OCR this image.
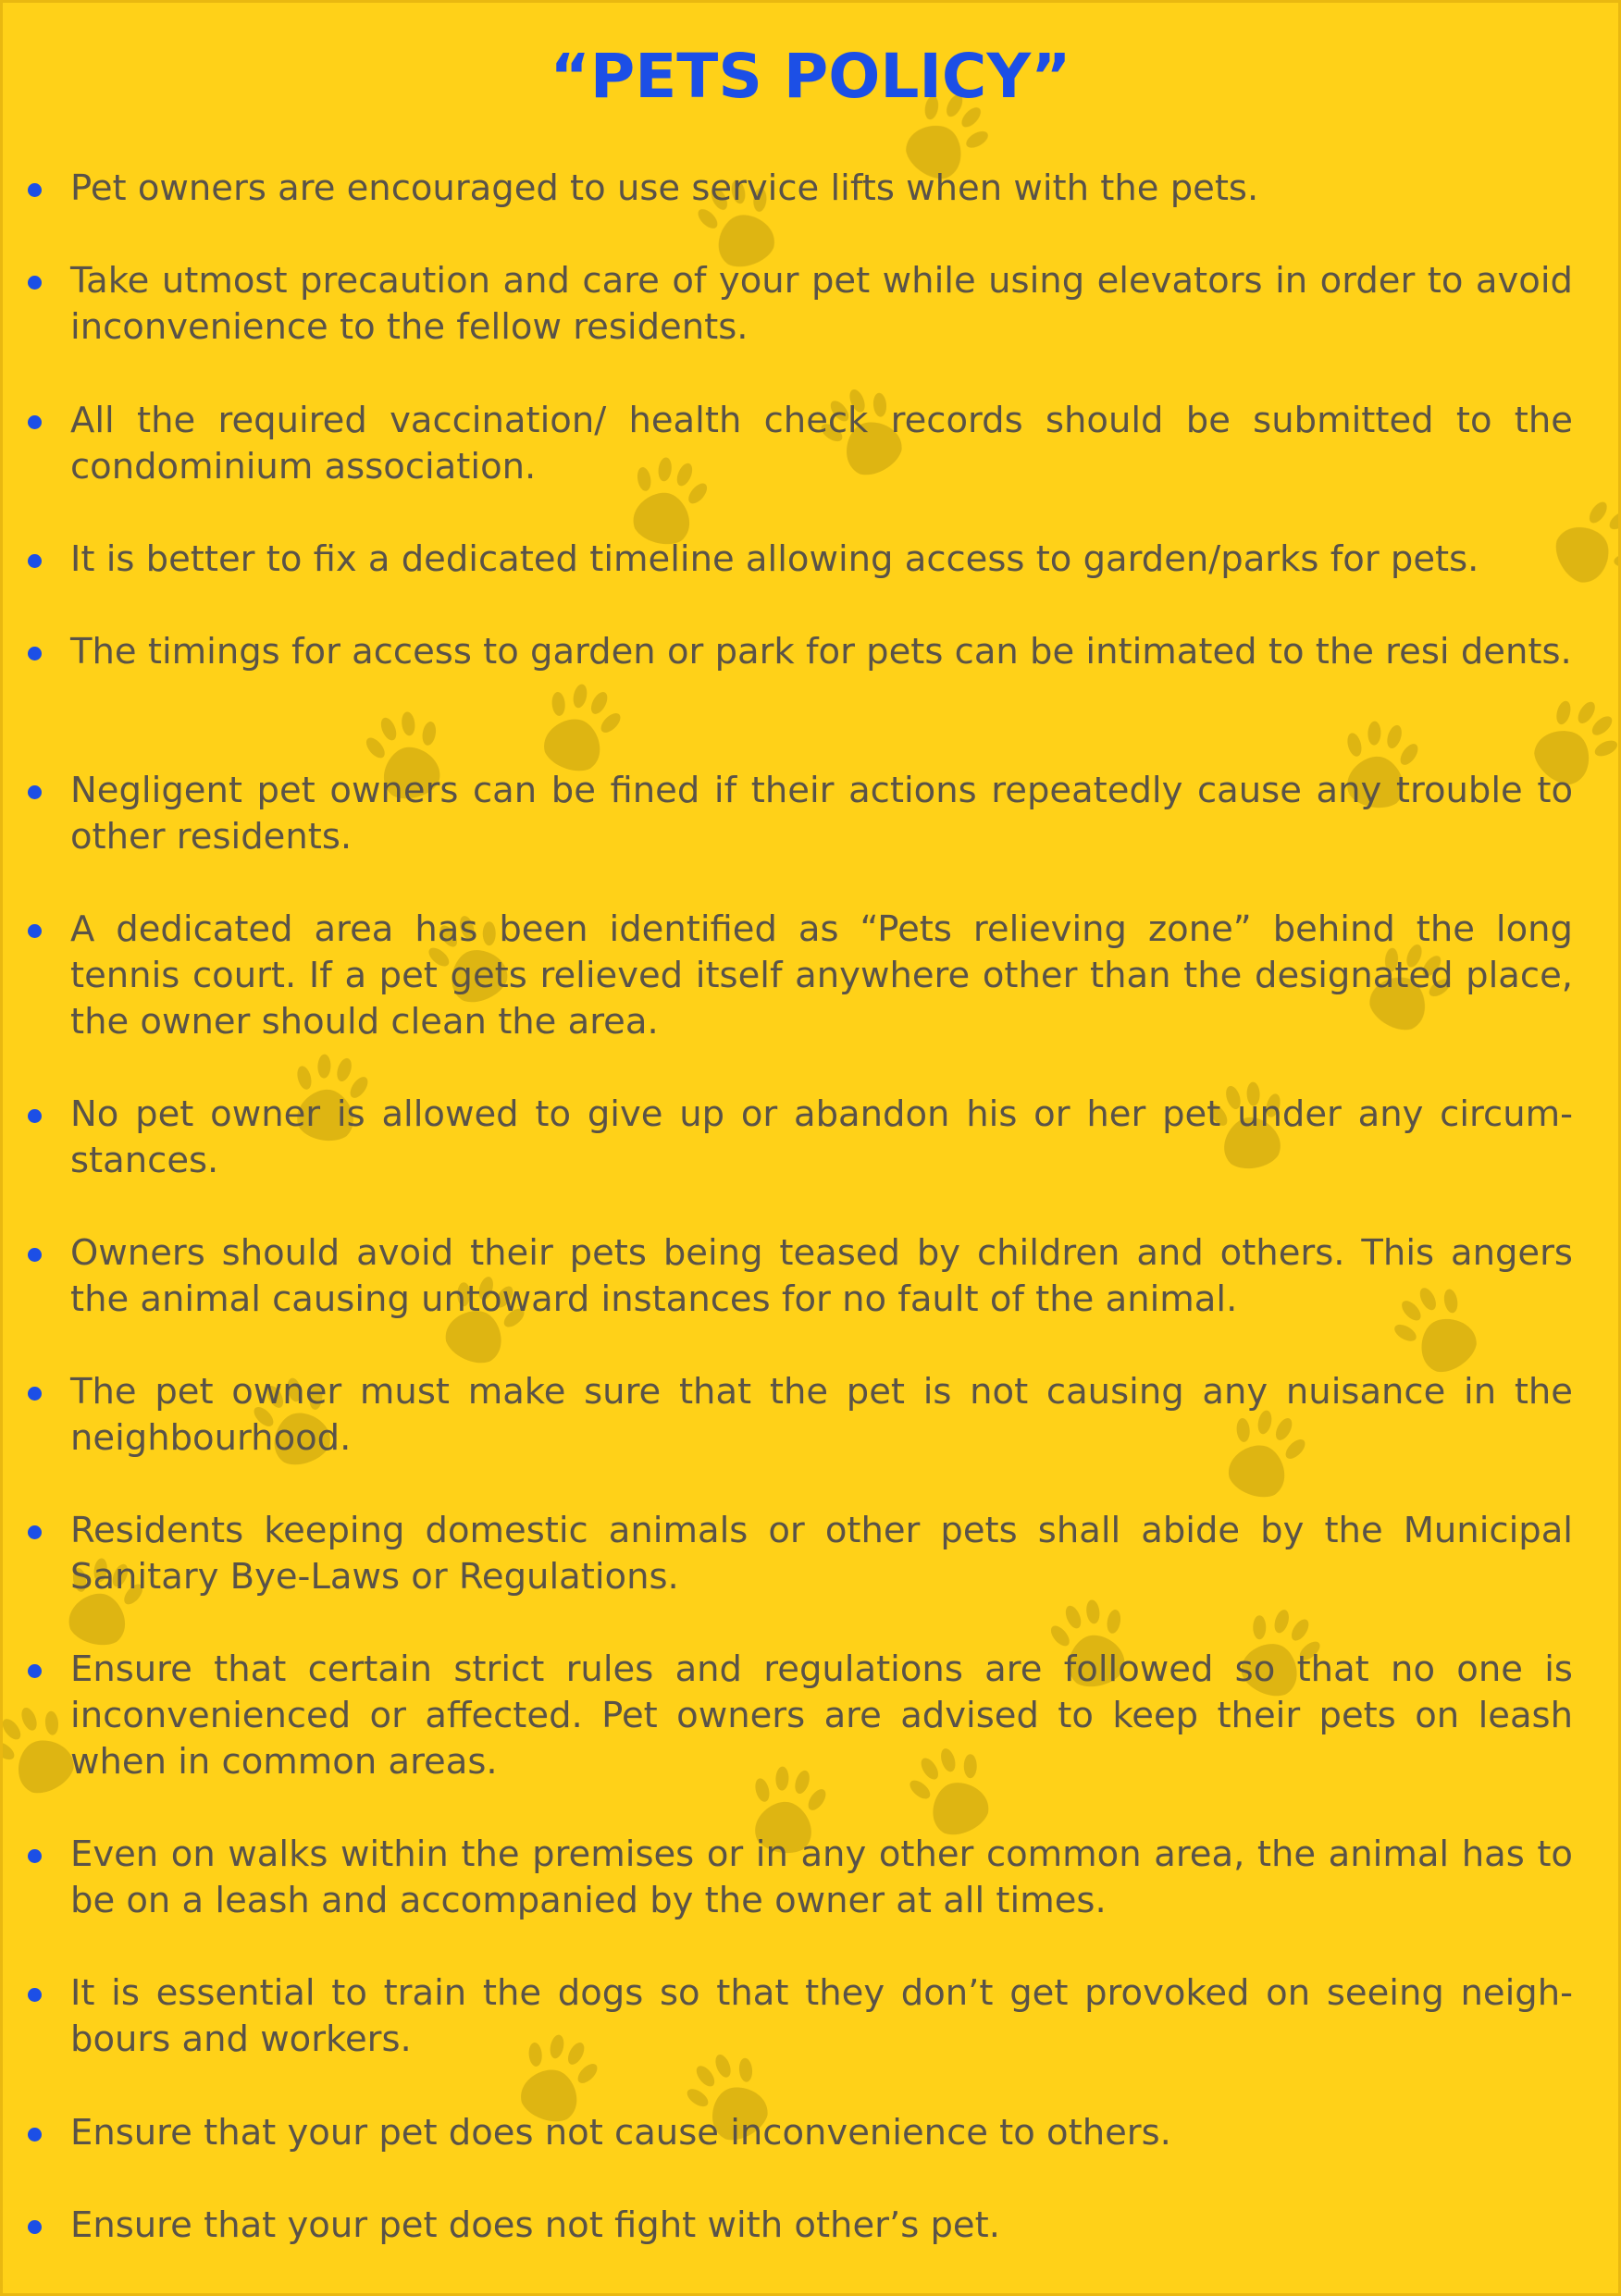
“PETS POLICY”
Pet owners are encouraged to use service lifts when with the pets.
Take utmost precaution and care of your pet while using elevators in order to avoid inconvenience to the fellow residents.
All the required vaccination/ health check records should be submitted to the condominium association.
It is better to fix a dedicated timeline allowing access to garden/parks for pets.
The timings for access to garden or park for pets can be intimated to the resi dents.
Negligent pet owners can be fined if their actions repeatedly cause any trouble to other residents.
A dedicated area has been identified as “Pets relieving zone” behind the long tennis court. If a pet gets relieved itself anywhere other than the designated place, the owner should clean the area.
No pet owner is allowed to give up or abandon his or her pet under any circum- stances.
Owners should avoid their pets being teased by children and others. This angers the animal causing untoward instances for no fault of the animal.
The pet owner must make sure that the pet is not causing any nuisance in the neighbourhood.
Residents keeping domestic animals or other pets shall abide by the Municipal Sanitary Bye-Laws or Regulations.
Ensure that certain strict rules and regulations are followed so that no one is inconvenienced or affected. Pet owners are advised to keep their pets on leash when in common areas.
Even on walks within the premises or in any other common area, the animal has to be on a leash and accompanied by the owner at all times.
It is essential to train the dogs so that they don’t get provoked on seeing neigh- bours and workers.
Ensure that your pet does not cause inconvenience to others.
Ensure that your pet does not fight with other’s pet.
